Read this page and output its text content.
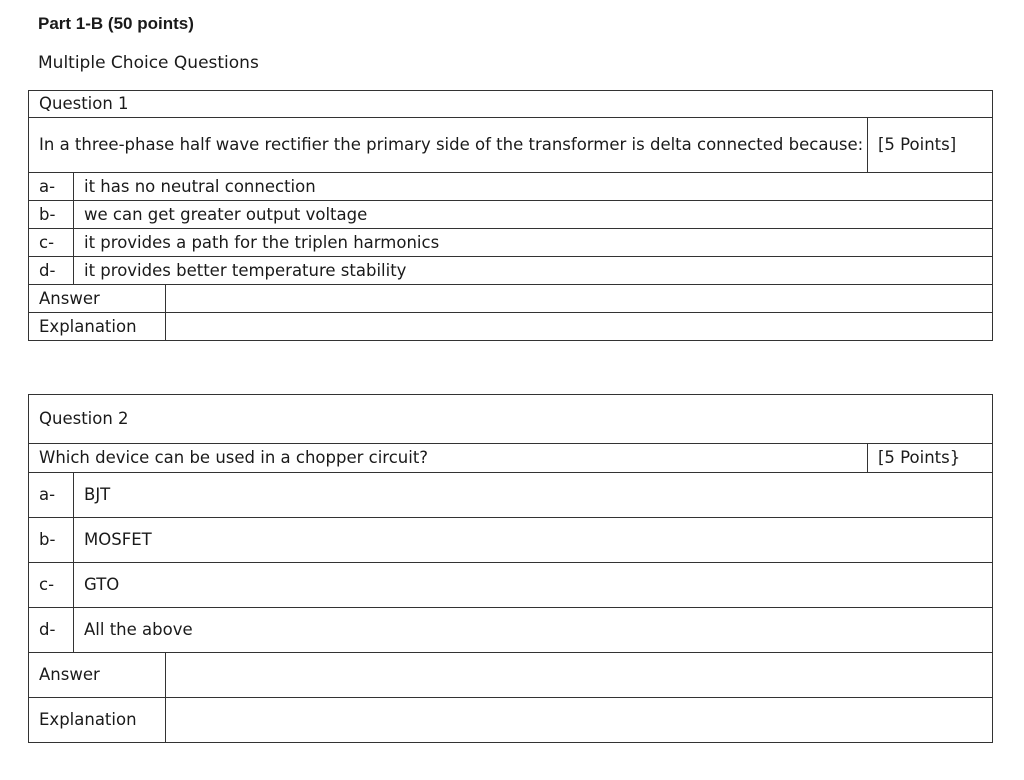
Part 1-B (50 points)
Multiple Choice Questions
Question 1			
In a three-phase half wave rectifier the primary side of the transformer is delta connected because:			[5 Points]
a-	it has no neutral connection		
b-	we can get greater output voltage		
c-	it provides a path for the triplen harmonics		
d-	it provides better temperature stability		
Answer			
Explanation			
Question 2			
Which device can be used in a chopper circuit?			[5 Points}
a-	BJT		
b-	MOSFET		
c-	GTO		
d-	All the above		
Answer			
Explanation			
